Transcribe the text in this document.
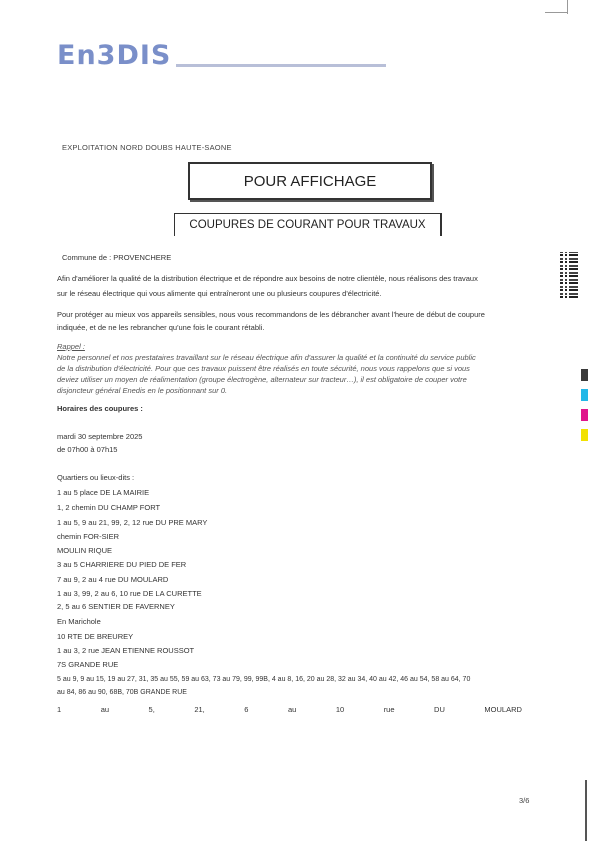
En3DIS
EXPLOITATION NORD DOUBS HAUTE-SAONE
POUR AFFICHAGE
COUPURES DE COURANT POUR TRAVAUX
Commune de : PROVENCHERE
Afin d'améliorer la qualité de la distribution électrique et de répondre aux besoins de notre clientèle, nous réalisons des travaux
sur le réseau électrique qui vous alimente qui entraîneront une ou plusieurs coupures d'électricité.
Pour protéger au mieux vos appareils sensibles, nous vous recommandons de les débrancher avant l'heure de début de coupure
indiquée, et de ne les rebrancher qu'une fois le courant rétabli.
Rappel :
Notre personnel et nos prestataires travaillant sur le réseau électrique afin d'assurer la qualité et la continuité du service public
de la distribution d'électricité. Pour que ces travaux puissent être réalisés en toute sécurité, nous vous rappelons que si vous
deviez utiliser un moyen de réalimentation (groupe électrogène, alternateur sur tracteur…), il est obligatoire de couper votre
disjoncteur général Enedis en le positionnant sur 0.
Horaires des coupures :
mardi 30 septembre 2025
de 07h00 à 07h15
Quartiers ou lieux-dits :
1 au 5 place DE LA MAIRIE
1, 2 chemin DU CHAMP FORT
1 au 5, 9 au 21, 99, 2, 12 rue DU PRE MARY
chemin FOR-SIER
MOULIN RIQUE
3 au 5 CHARRIERE DU PIED DE FER
7 au 9, 2 au 4 rue DU MOULARD
1 au 3, 99, 2 au 6, 10 rue DE LA CURETTE
2, 5 au 6 SENTIER DE FAVERNEY
En Marichole
10 RTE DE BREUREY
1 au 3, 2 rue JEAN ETIENNE ROUSSOT
7S GRANDE RUE
5 au 9, 9 au 15, 19 au 27, 31, 35 au 55, 59 au 63, 73 au 79, 99, 99B, 4 au 8, 16, 20 au 28, 32 au 34, 40 au 42, 46 au 54, 58 au 64, 70
au 84, 86 au 90, 68B, 70B GRANDE RUE
1	au	5,	21,	6	au	10	rue	DU	MOULARD
3/6
